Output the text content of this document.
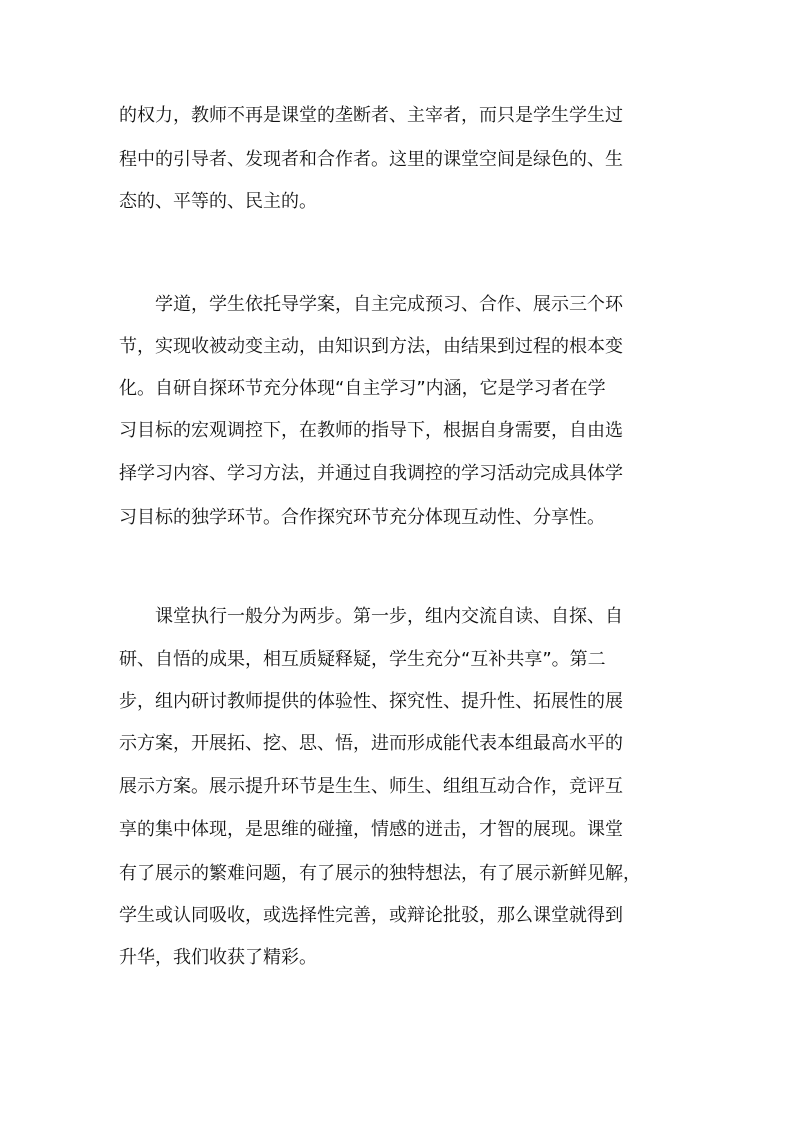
的权力，教师不再是课堂的垄断者、主宰者，而只是学生学生过
程中的引导者、发现者和合作者。这里的课堂空间是绿色的、生
态的、平等的、民主的。
学道，学生依托导学案，自主完成预习、合作、展示三个环
节，实现收被动变主动，由知识到方法，由结果到过程的根本变
化。自研自探环节充分体现“自主学习”内涵，它是学习者在学
习目标的宏观调控下，在教师的指导下，根据自身需要，自由选
择学习内容、学习方法，并通过自我调控的学习活动完成具体学
习目标的独学环节。合作探究环节充分体现互动性、分享性。
课堂执行一般分为两步。第一步，组内交流自读、自探、自
研、自悟的成果，相互质疑释疑，学生充分“互补共享”。第二
步，组内研讨教师提供的体验性、探究性、提升性、拓展性的展
示方案，开展拓、挖、思、悟，进而形成能代表本组最高水平的
展示方案。展示提升环节是生生、师生、组组互动合作，竞评互
享的集中体现，是思维的碰撞，情感的迸击，才智的展现。课堂
有了展示的繁难问题，有了展示的独特想法，有了展示新鲜见解，
学生或认同吸收，或选择性完善，或辩论批驳，那么课堂就得到
升华，我们收获了精彩。
